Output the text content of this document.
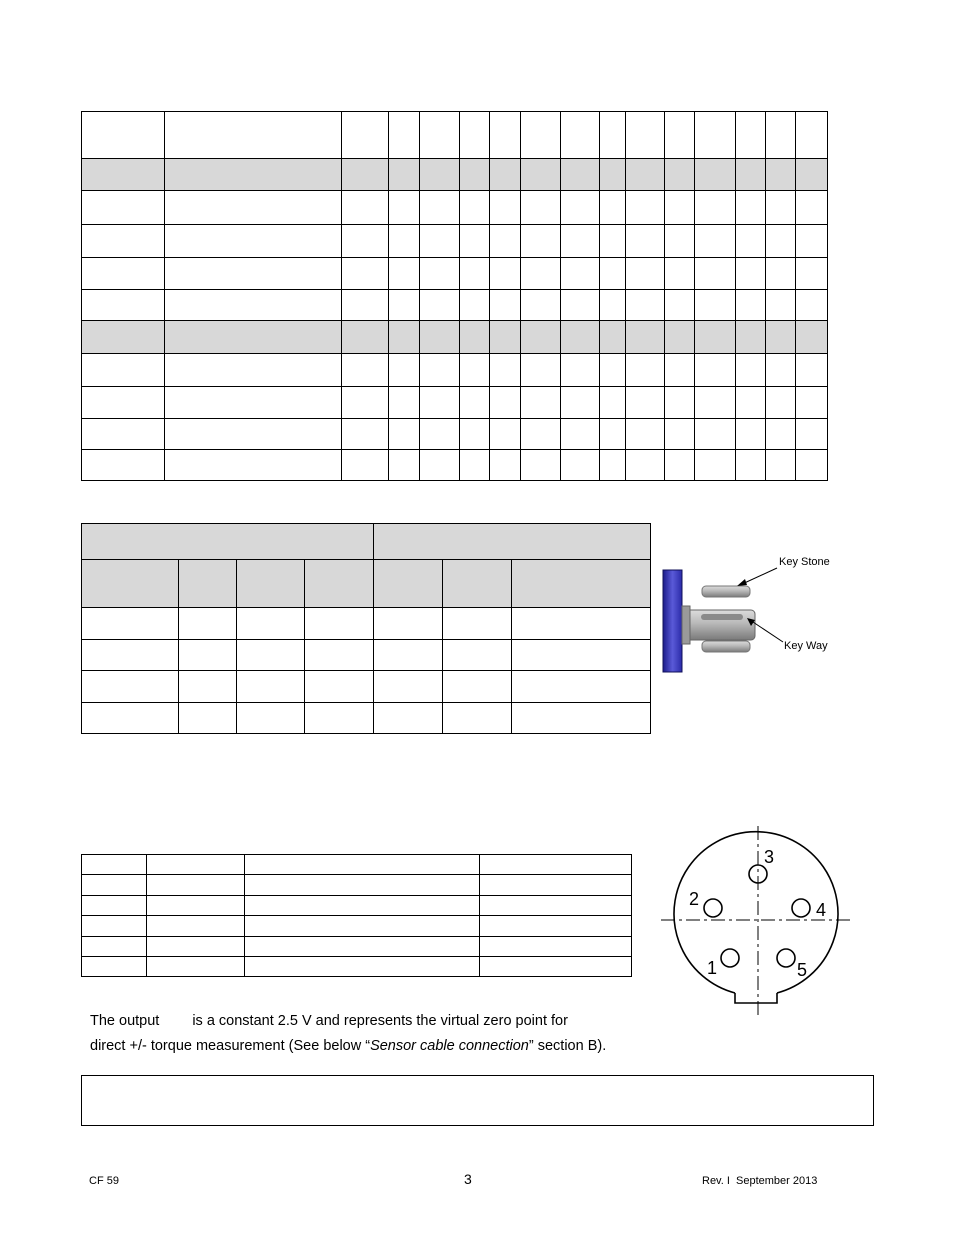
Key Stone
Key Way

3
2
4
1	5
The output is a constant 2.5 V and represents the virtual zero point for
direct +/- torque measurement (See below “Sensor cable connection” section B).
CF 59	3	Rev. I  September 2013
